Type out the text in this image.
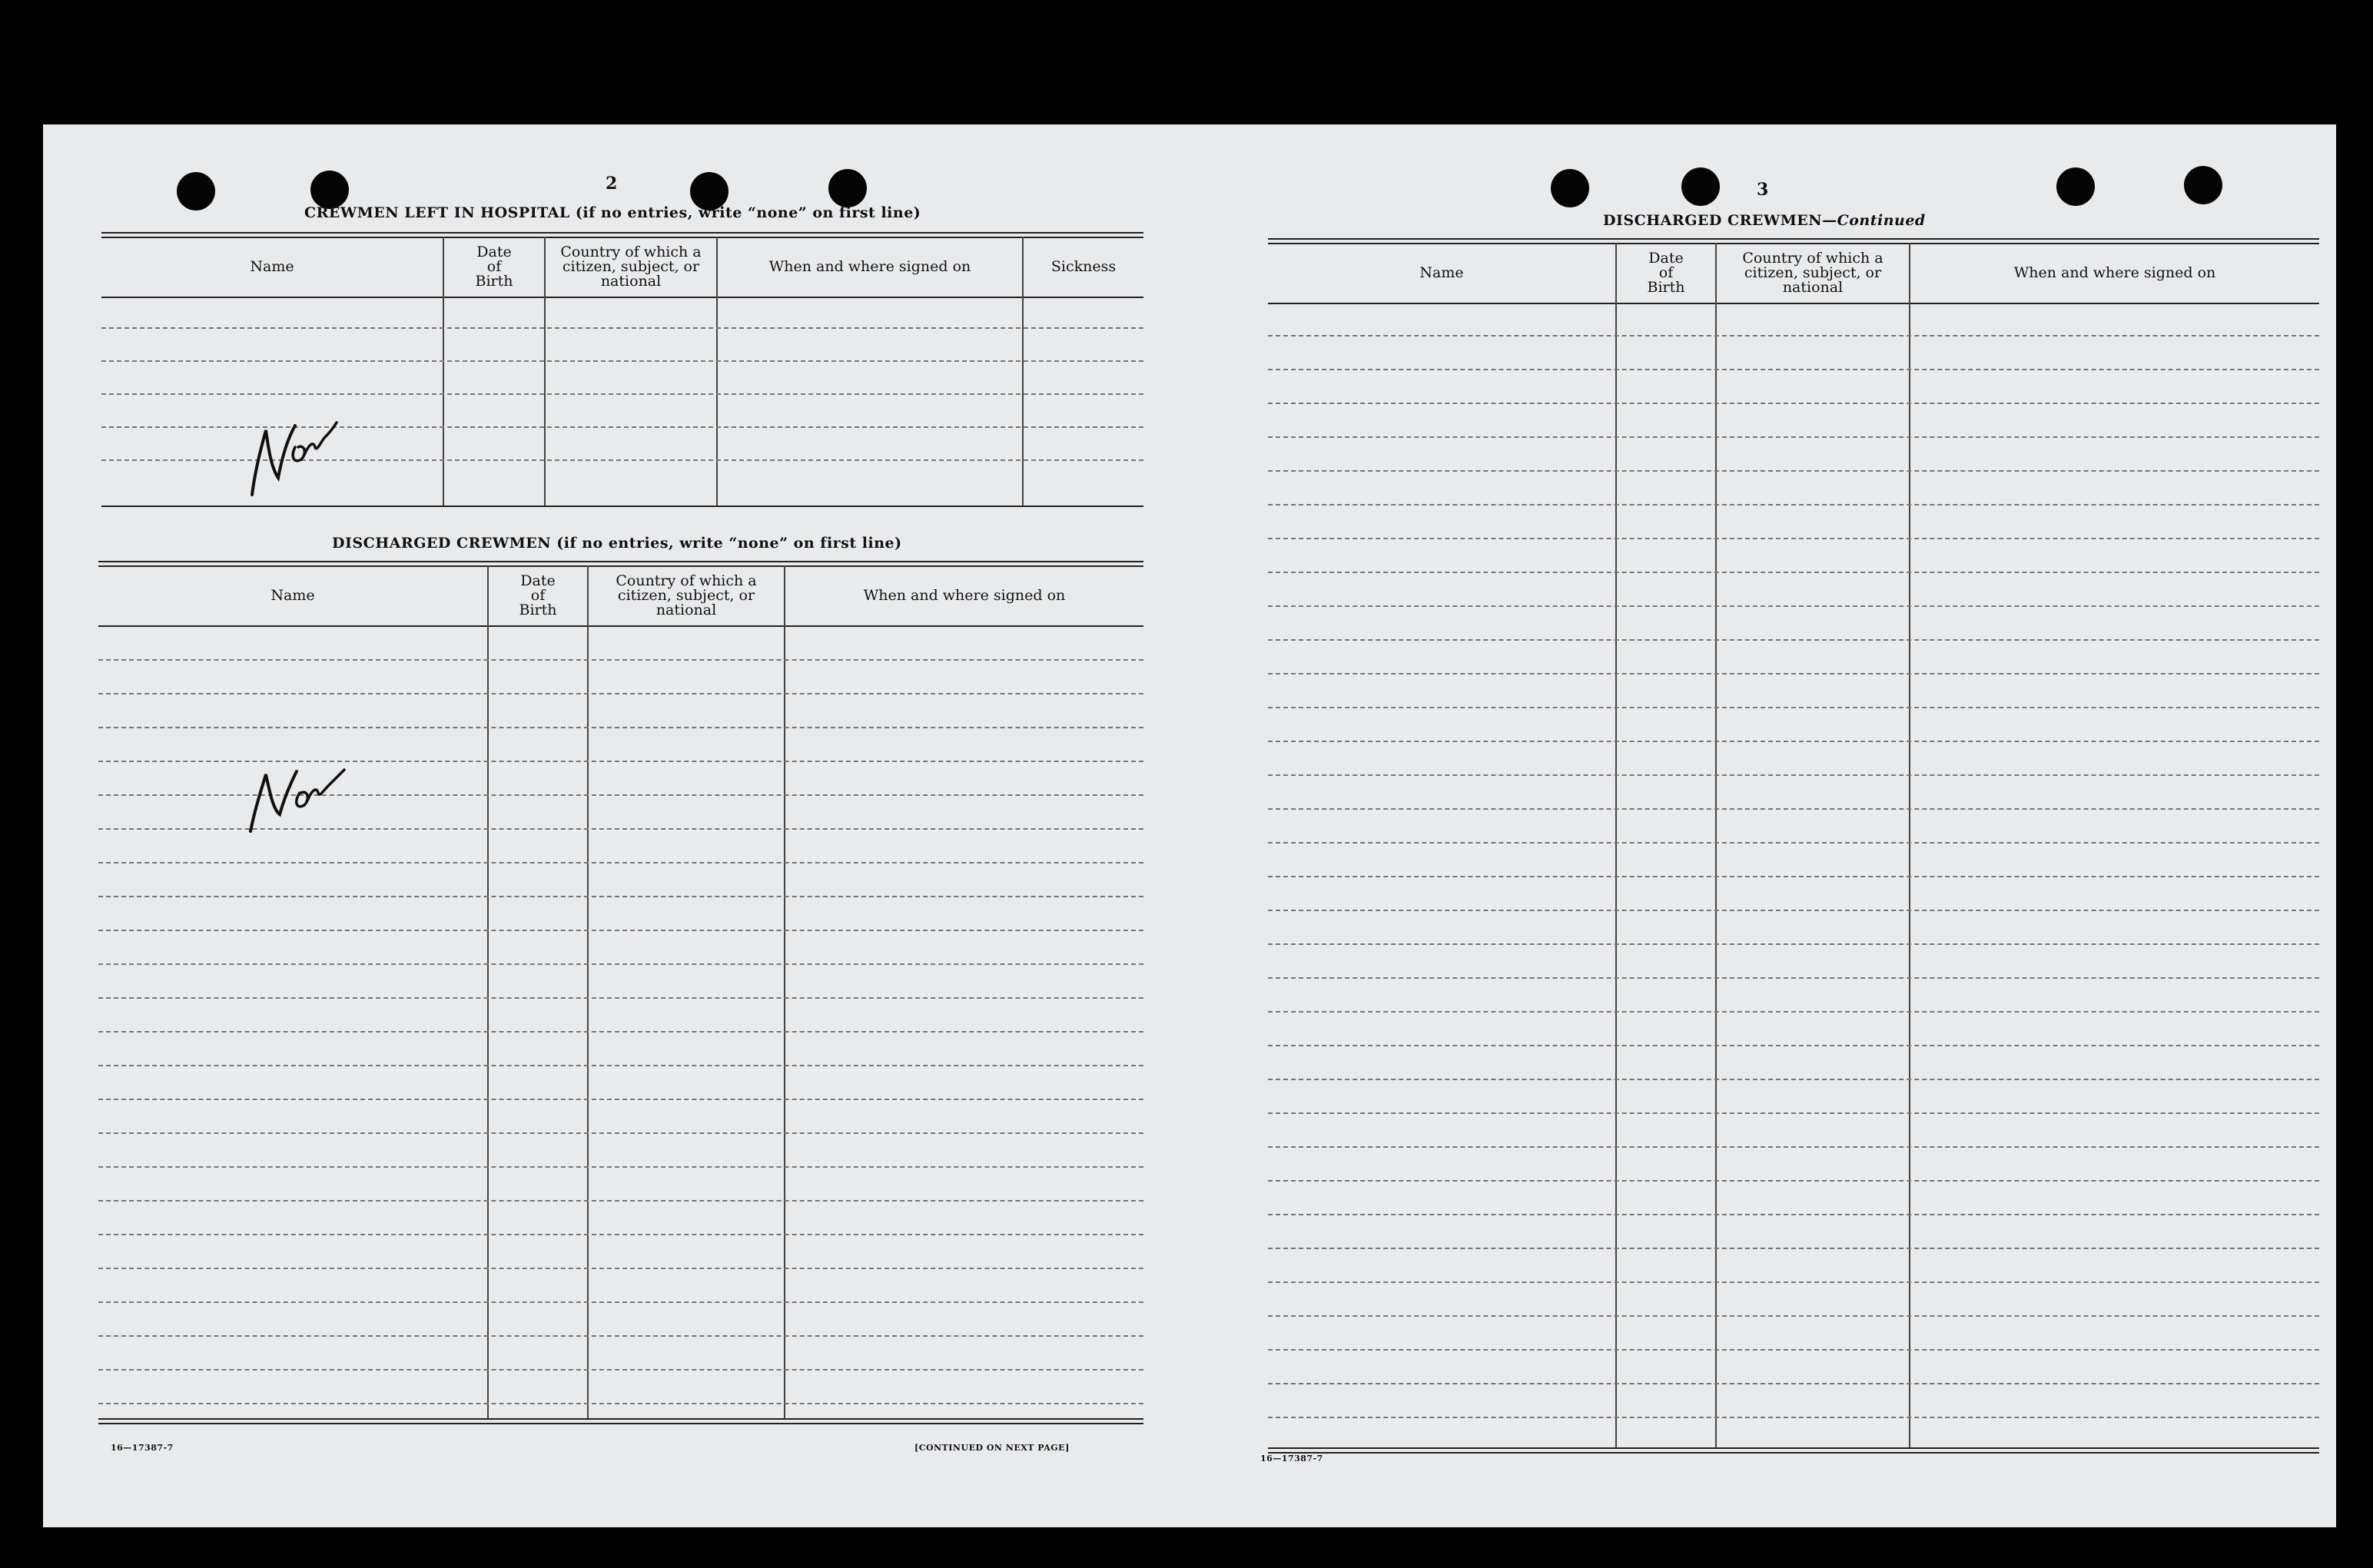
2
CREWMEN LEFT IN HOSPITAL (if no entries, write “none” on first line)
Name
Date
of
Birth
Country of which a
citizen, subject, or
national
When and where signed on	Sickness
DISCHARGED CREWMEN (if no entries, write “none” on first line)
Name
Date
of
Birth
Country of which a
citizen, subject, or
national
When and where signed on
16—17387-7	[CONTINUED ON NEXT PAGE]
3
DISCHARGED CREWMEN—Continued
Name
Date
of
Birth
Country of which a
citizen, subject, or
national
When and where signed on
16—17387-7
